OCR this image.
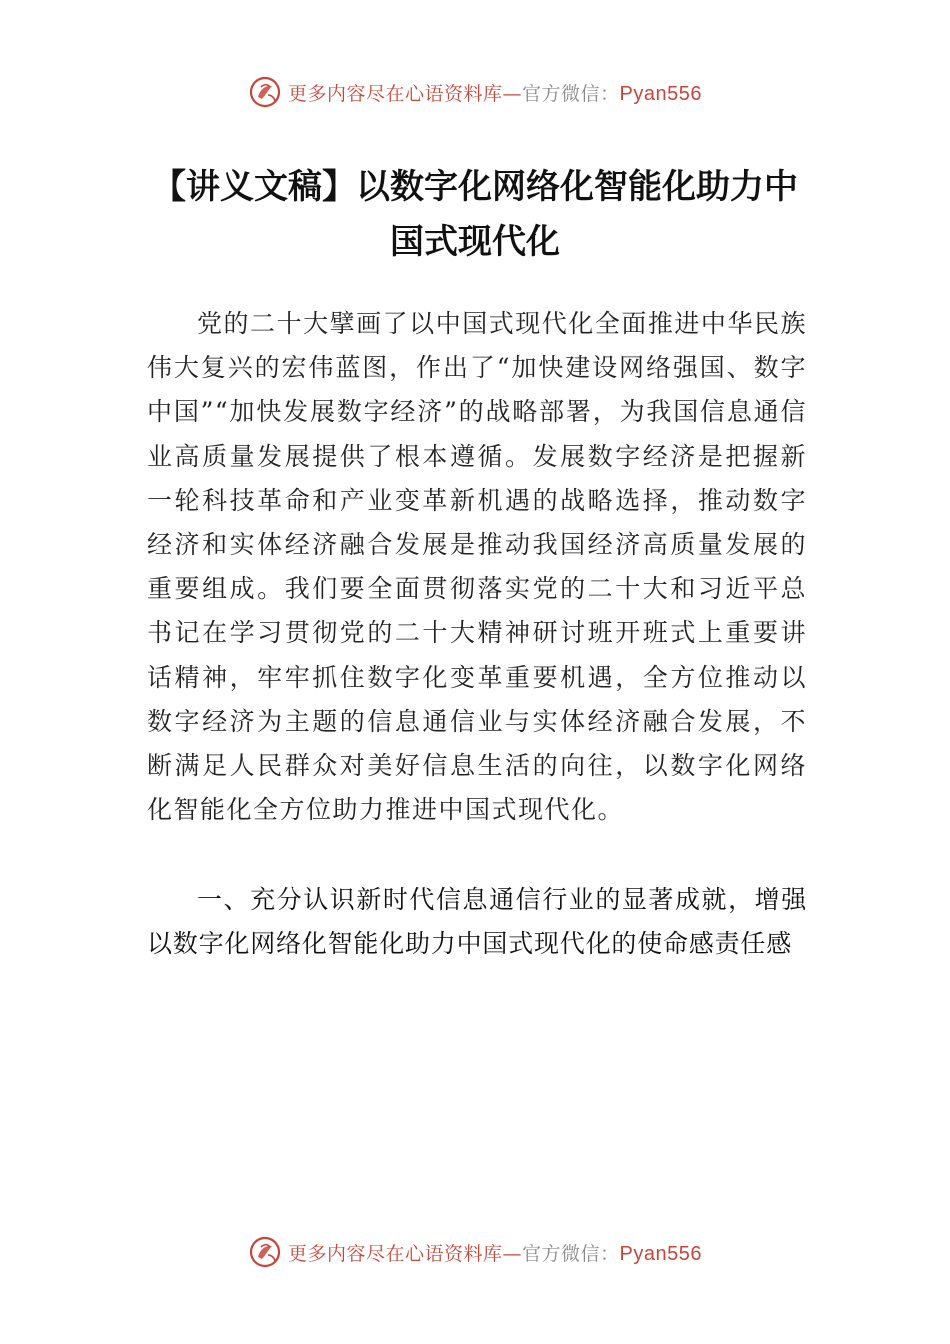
更多内容尽在心语资料库—官方微信：Pyan556
【讲义文稿】以数字化网络化智能化助力中国式现代化

党的二十大擘画了以中国式现代化全面推进中华民族伟大复兴的宏伟蓝图，作出了“加快建设网络强国、数字中国”“加快发展数字经济”的战略部署，为我国信息通信业高质量发展提供了根本遵循。发展数字经济是把握新一轮科技革命和产业变革新机遇的战略选择，推动数字经济和实体经济融合发展是推动我国经济高质量发展的重要组成。我们要全面贯彻落实党的二十大和习近平总书记在学习贯彻党的二十大精神研讨班开班式上重要讲话精神，牢牢抓住数字化变革重要机遇，全方位推动以数字经济为主题的信息通信业与实体经济融合发展，不断满足人民群众对美好信息生活的向往，以数字化网络化智能化全方位助力推进中国式现代化。

一、充分认识新时代信息通信行业的显著成就，增强以数字化网络化智能化助力中国式现代化的使命感责任感

更多内容尽在心语资料库—官方微信：Pyan556
